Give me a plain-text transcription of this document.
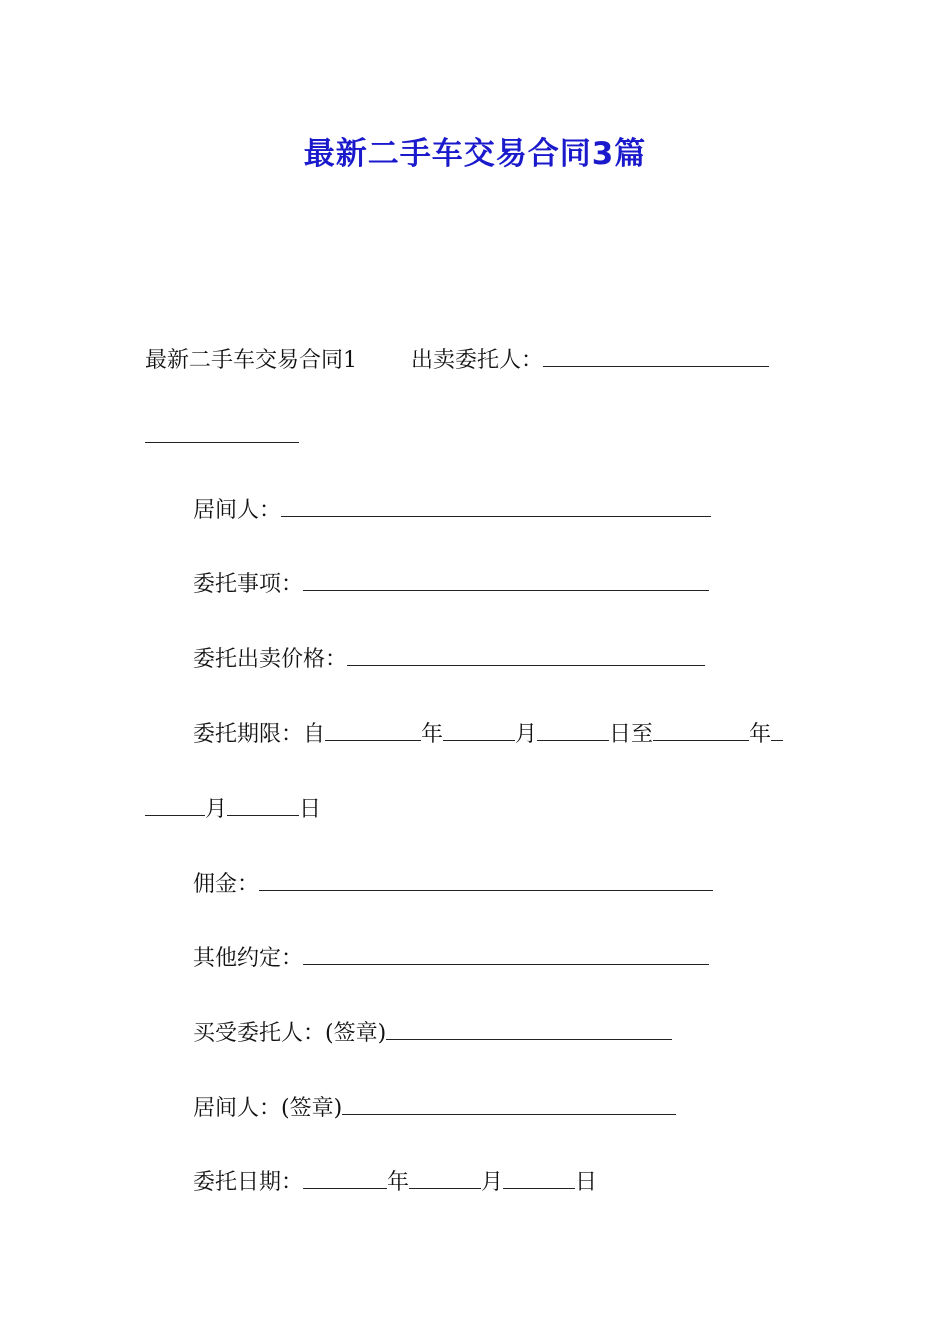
最新二手车交易合同3篇
最新二手车交易合同1 出卖委托人：
居间人：
委托事项：
委托出卖价格：
委托期限：自	年	月	日至	年
月	日
佣金：
其他约定：
买受委托人：(签章)
居间人：(签章)
委托日期：	年	月	日
